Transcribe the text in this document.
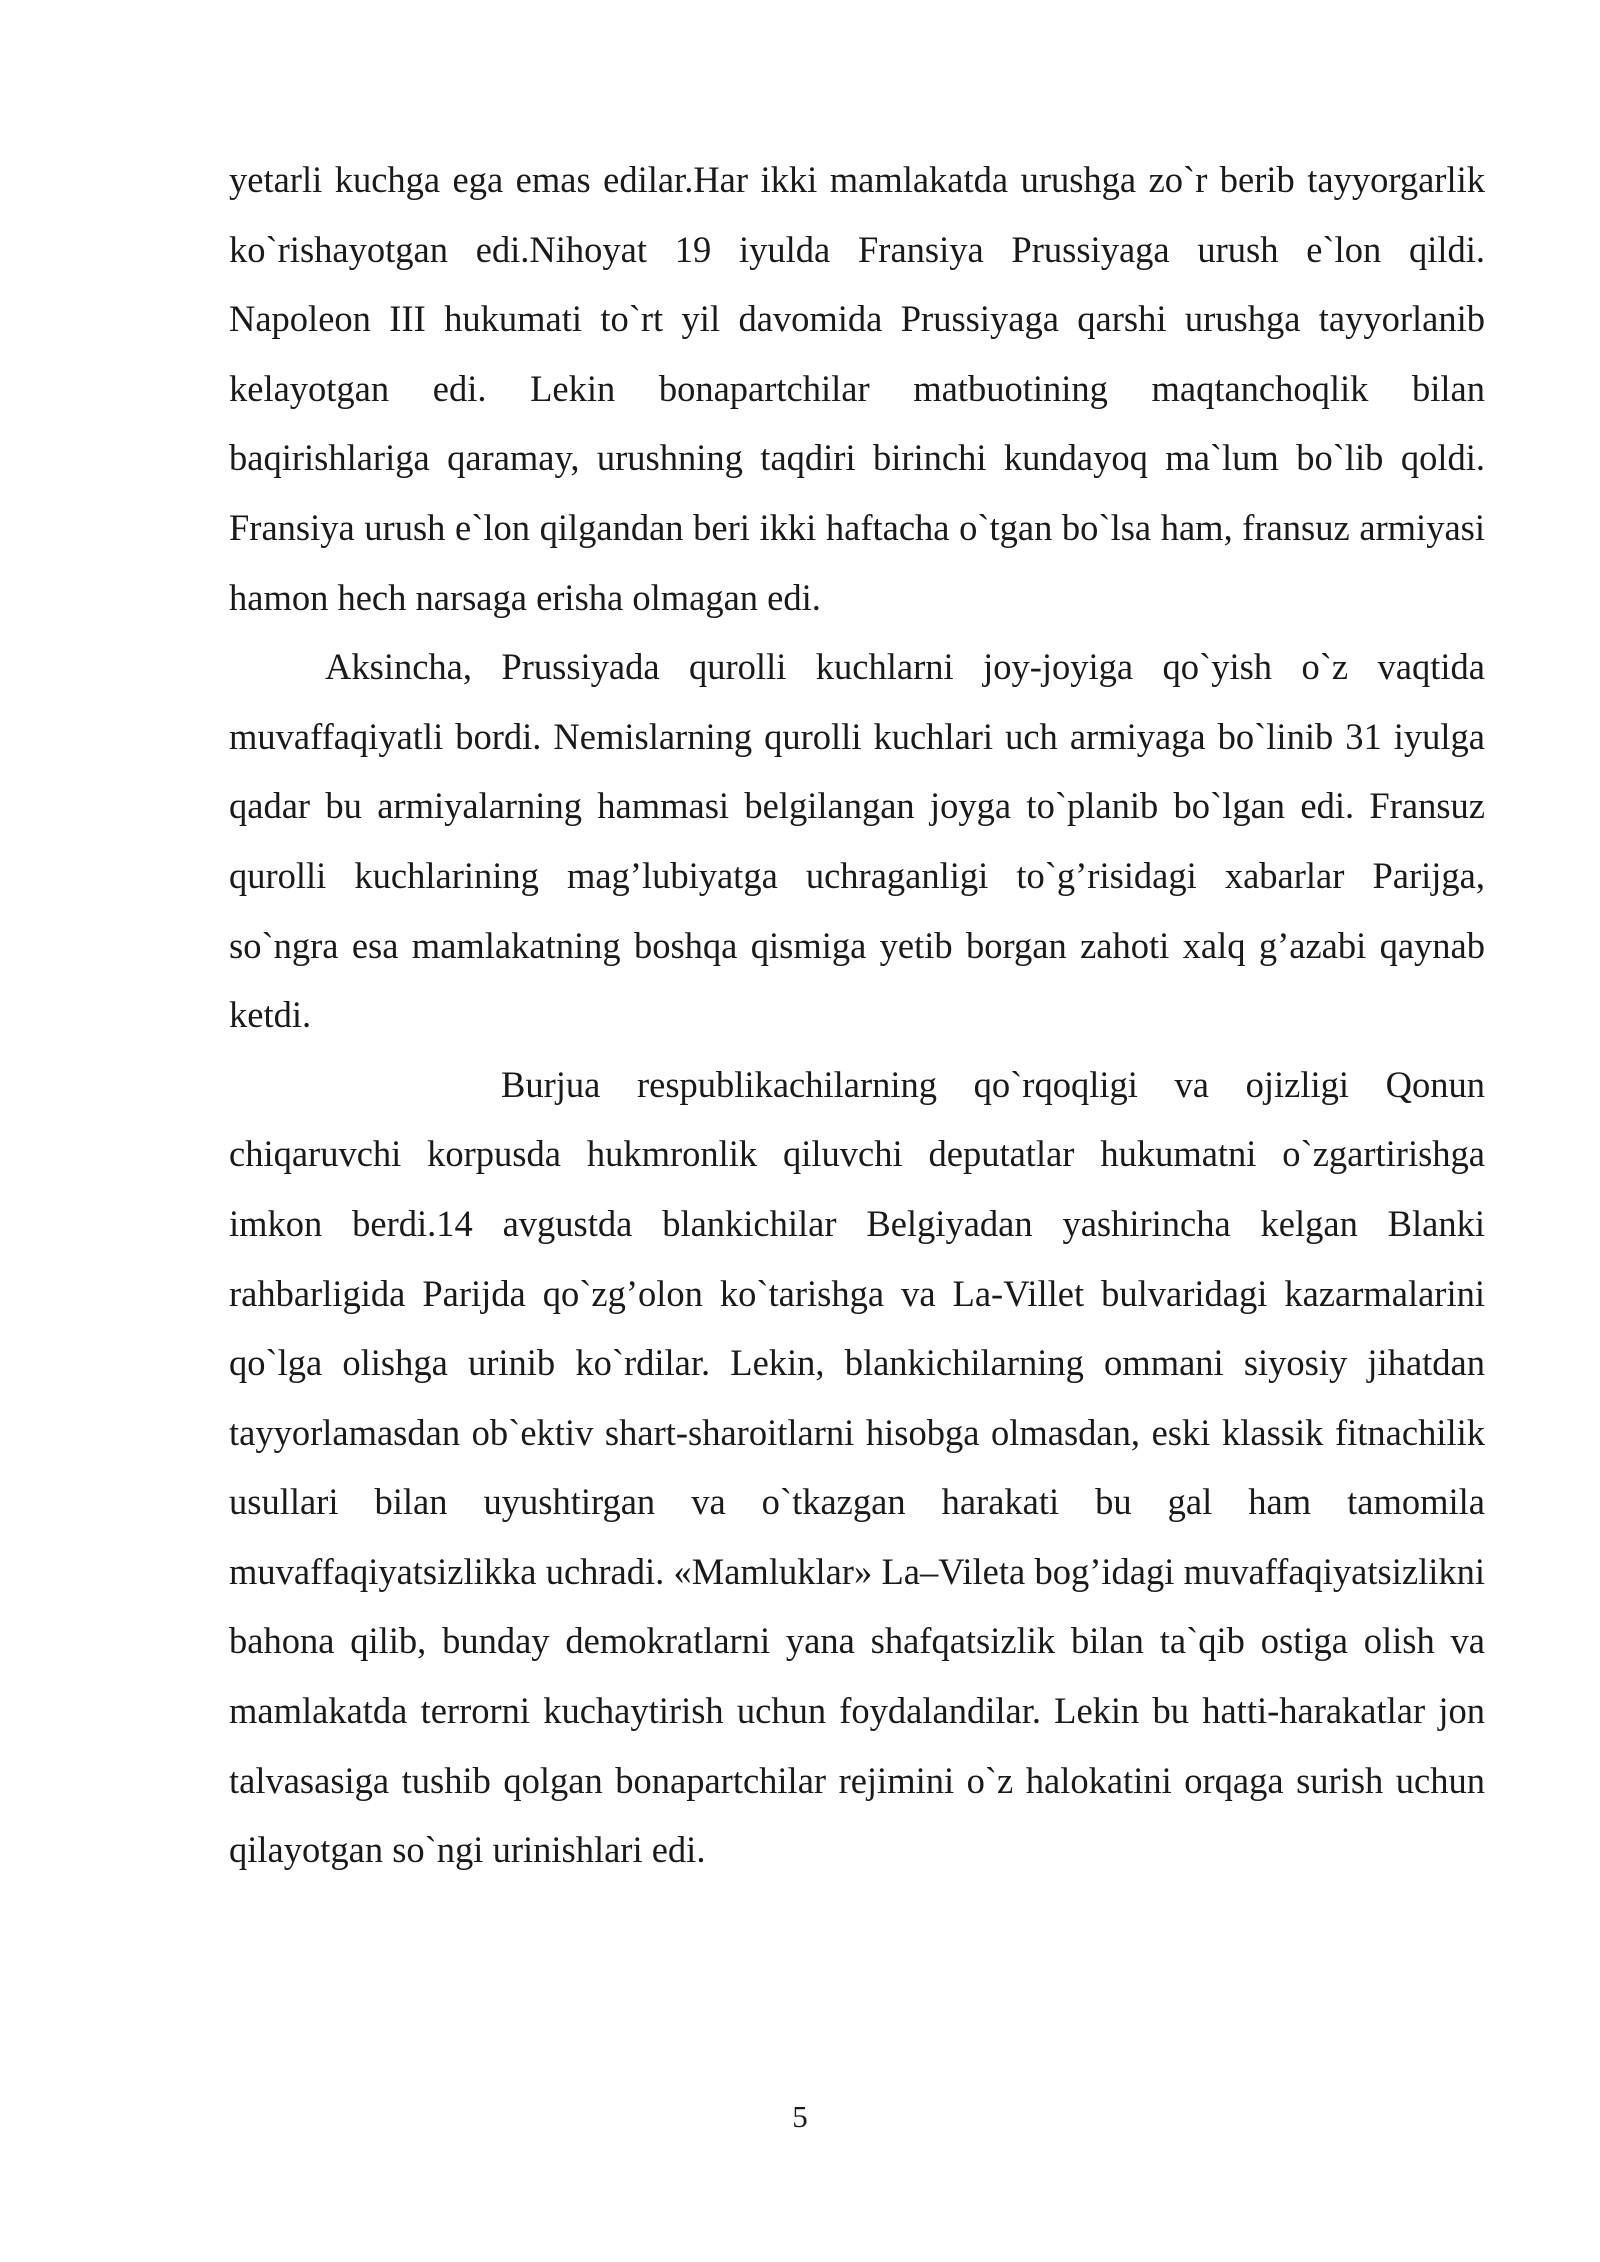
yetarli kuchga ega emas edilar.Har ikki mamlakatda urushga zo`r berib tayyorgarlik ko`rishayotgan edi.Nihoyat 19 iyulda Fransiya Prussiyaga urush e`lon qildi. Napoleon III hukumati to`rt yil davomida Prussiyaga qarshi urushga tayyorlanib kelayotgan edi. Lekin bonapartchilar matbuotining maqtanchoqlik bilan baqirishlariga qaramay, urushning taqdiri birinchi kundayoq ma`lum bo`lib qoldi. Fransiya urush e`lon qilgandan beri ikki haftacha o`tgan bo`lsa ham, fransuz armiyasi hamon hech narsaga erisha olmagan edi.

Aksincha, Prussiyada qurolli kuchlarni joy-joyiga qo`yish o`z vaqtida muvaffaqiyatli bordi. Nemislarning qurolli kuchlari uch armiyaga bo`linib 31 iyulga qadar bu armiyalarning hammasi belgilangan joyga to`planib bo`lgan edi. Fransuz qurolli kuchlarining mag’lubiyatga uchraganligi to`g’risidagi xabarlar Parijga, so`ngra esa mamlakatning boshqa qismiga yetib borgan zahoti xalq g’azabi qaynab ketdi.

Burjua respublikachilarning qo`rqoqligi va ojizligi Qonun chiqaruvchi korpusda hukmronlik qiluvchi deputatlar hukumatni o`zgartirishga imkon berdi.14 avgustda blankichilar Belgiyadan yashirincha kelgan Blanki rahbarligida Parijda qo`zg’olon ko`tarishga va La-Villet bulvaridagi kazarmalarini qo`lga olishga urinib ko`rdilar. Lekin, blankichilarning ommani siyosiy jihatdan tayyorlamasdan ob`ektiv shart-sharoitlarni hisobga olmasdan, eski klassik fitnachilik usullari bilan uyushtirgan va o`tkazgan harakati bu gal ham tamomila muvaffaqiyatsizlikka uchradi. «Mamluklar» La–Vileta bog’idagi muvaffaqiyatsizlikni bahona qilib, bunday demokratlarni yana shafqatsizlik bilan ta`qib ostiga olish va mamlakatda terrorni kuchaytirish uchun foydalandilar. Lekin bu hatti-harakatlar jon talvasasiga tushib qolgan bonapartchilar rejimini o`z halokatini orqaga surish uchun qilayotgan so`ngi urinishlari edi.

5
